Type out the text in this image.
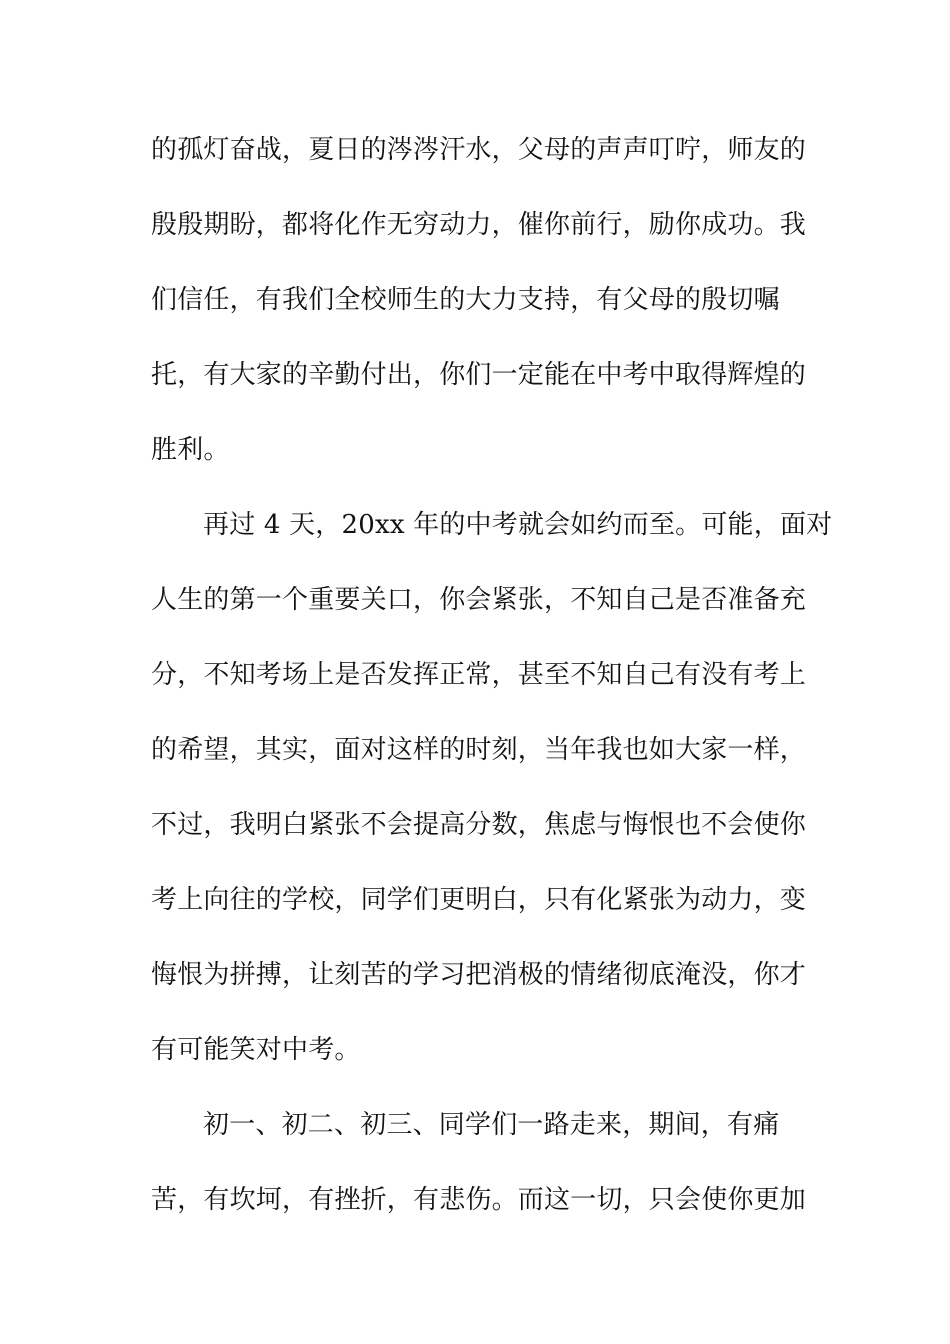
的孤灯奋战，夏日的涔涔汗水，父母的声声叮咛，师友的
殷殷期盼，都将化作无穷动力，催你前行，励你成功。我
们信任，有我们全校师生的大力支持，有父母的殷切嘱
托，有大家的辛勤付出，你们一定能在中考中取得辉煌的
胜利。
再过 4 天，20xx 年的中考就会如约而至。可能，面对
人生的第一个重要关口，你会紧张，不知自己是否准备充
分，不知考场上是否发挥正常，甚至不知自己有没有考上
的希望，其实，面对这样的时刻，当年我也如大家一样，
不过，我明白紧张不会提高分数，焦虑与悔恨也不会使你
考上向往的学校，同学们更明白，只有化紧张为动力，变
悔恨为拼搏，让刻苦的学习把消极的情绪彻底淹没，你才
有可能笑对中考。
初一、初二、初三、同学们一路走来，期间，有痛
苦，有坎坷，有挫折，有悲伤。而这一切，只会使你更加
